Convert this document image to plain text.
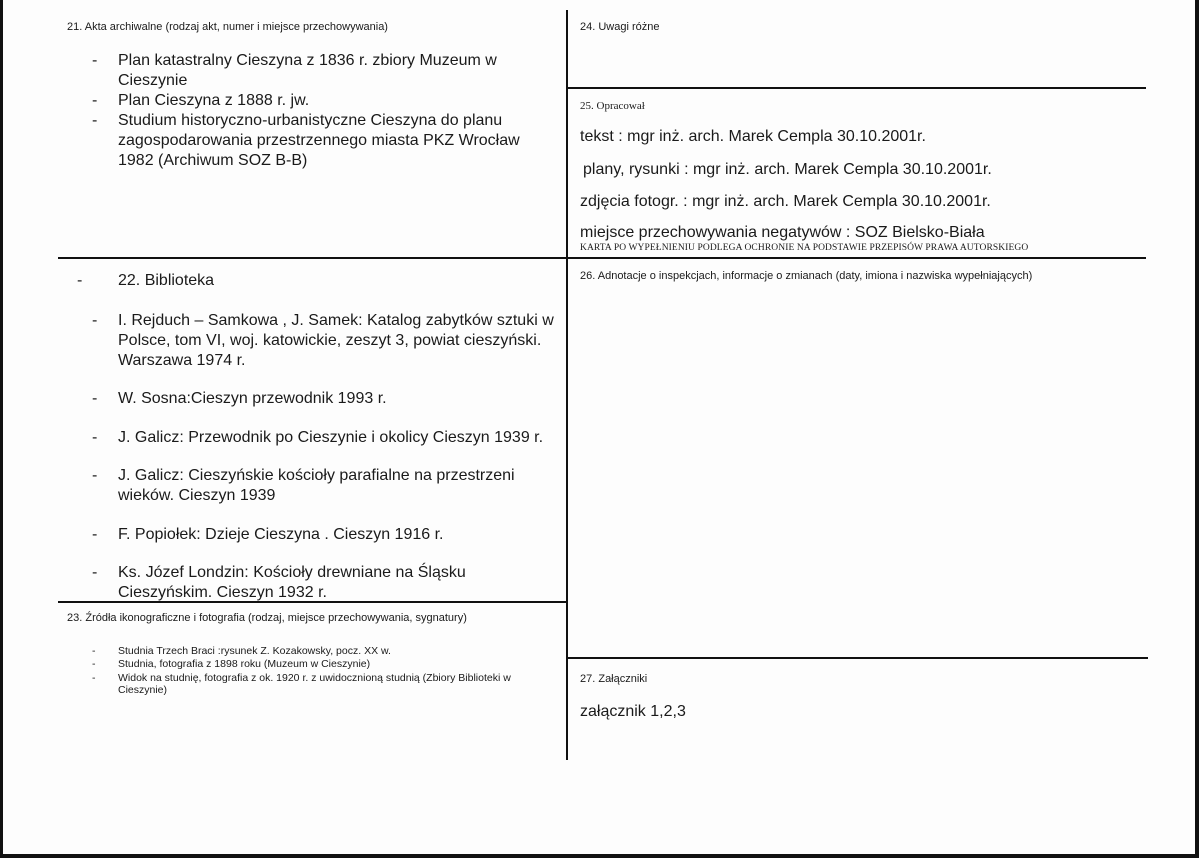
21. Akta archiwalne (rodzaj akt, numer i miejsce przechowywania)
- Plan katastralny Cieszyna z 1836 r. zbiory Muzeum w Cieszynie
- Plan Cieszyna z 1888 r. jw.
- Studium historyczno-urbanistyczne Cieszyna do planu zagospodarowania przestrzennego miasta PKZ Wrocław 1982 (Archiwum SOZ B-B)
- 22. Biblioteka
- I. Rejduch – Samkowa , J. Samek: Katalog zabytków sztuki w Polsce, tom VI, woj. katowickie, zeszyt 3, powiat cieszyński. Warszawa 1974 r.
- W. Sosna:Cieszyn przewodnik 1993 r.
- J. Galicz: Przewodnik po Cieszynie i okolicy Cieszyn 1939 r.
- J. Galicz: Cieszyńskie kościoły parafialne na przestrzeni wieków. Cieszyn 1939
- F. Popiołek: Dzieje Cieszyna . Cieszyn 1916 r.
- Ks. Józef Londzin: Kościoły drewniane na Śląsku Cieszyńskim. Cieszyn 1932 r.
23. Źródła ikonograficzne i fotografia (rodzaj, miejsce przechowywania, sygnatury)
- Studnia Trzech Braci :rysunek Z. Kozakowsky, pocz. XX w.
- Studnia, fotografia z 1898 roku (Muzeum w Cieszynie)
- Widok na studnię, fotografia z ok. 1920 r. z uwidocznioną studnią (Zbiory Biblioteki w Cieszynie)
24. Uwagi różne
25. Opracował
tekst : mgr inż. arch. Marek Cempla 30.10.2001r.
plany, rysunki : mgr inż. arch. Marek Cempla 30.10.2001r.
zdjęcia fotogr. : mgr inż. arch. Marek Cempla 30.10.2001r.
miejsce przechowywania negatywów : SOZ Bielsko-Biała
KARTA PO WYPEŁNIENIU PODLEGA OCHRONIE NA PODSTAWIE PRZEPISÓW PRAWA AUTORSKIEGO
26. Adnotacje o inspekcjach, informacje o zmianach (daty, imiona i nazwiska wypełniających)
27. Załączniki
załącznik 1,2,3
